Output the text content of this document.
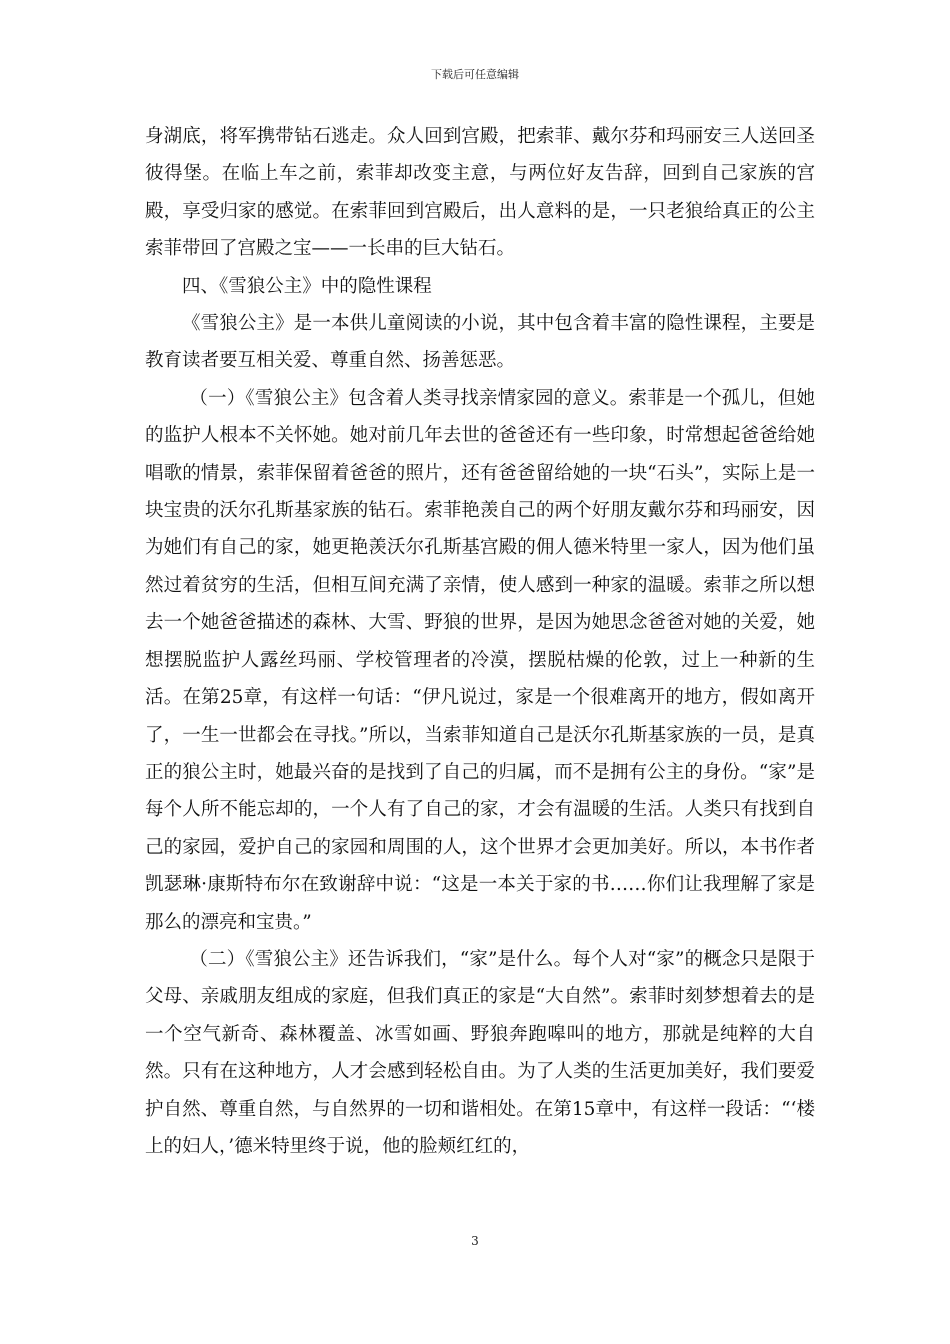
下载后可任意编辑

身湖底，将军携带钻石逃走。众人回到宫殿，把索菲、戴尔芬和玛丽安三人送回圣彼得堡。在临上车之前，索菲却改变主意，与两位好友告辞，回到自己家族的宫殿，享受归家的感觉。在索菲回到宫殿后，出人意料的是，一只老狼给真正的公主索菲带回了宫殿之宝——一长串的巨大钻石。

四、《雪狼公主》中的隐性课程

《雪狼公主》是一本供儿童阅读的小说，其中包含着丰富的隐性课程，主要是教育读者要互相关爱、尊重自然、扬善惩恶。

（一）《雪狼公主》包含着人类寻找亲情家园的意义。索菲是一个孤儿，但她的监护人根本不关怀她。她对前几年去世的爸爸还有一些印象，时常想起爸爸给她唱歌的情景，索菲保留着爸爸的照片，还有爸爸留给她的一块“石头”，实际上是一块宝贵的沃尔孔斯基家族的钻石。索菲艳羡自己的两个好朋友戴尔芬和玛丽安，因为她们有自己的家，她更艳羡沃尔孔斯基宫殿的佣人德米特里一家人，因为他们虽然过着贫穷的生活，但相互间充满了亲情，使人感到一种家的温暖。索菲之所以想去一个她爸爸描述的森林、大雪、野狼的世界，是因为她思念爸爸对她的关爱，她想摆脱监护人露丝玛丽、学校管理者的冷漠，摆脱枯燥的伦敦，过上一种新的生活。在第25章，有这样一句话：“伊凡说过，家是一个很难离开的地方，假如离开了，一生一世都会在寻找。”所以，当索菲知道自己是沃尔孔斯基家族的一员，是真正的狼公主时，她最兴奋的是找到了自己的归属，而不是拥有公主的身份。“家”是每个人所不能忘却的，一个人有了自己的家，才会有温暖的生活。人类只有找到自己的家园，爱护自己的家园和周围的人，这个世界才会更加美好。所以，本书作者凯瑟琳·康斯特布尔在致谢辞中说：“这是一本关于家的书……你们让我理解了家是那么的漂亮和宝贵。”

（二）《雪狼公主》还告诉我们，“家”是什么。每个人对“家”的概念只是限于父母、亲戚朋友组成的家庭，但我们真正的家是“大自然”。索菲时刻梦想着去的是一个空气新奇、森林覆盖、冰雪如画、野狼奔跑嗥叫的地方，那就是纯粹的大自然。只有在这种地方，人才会感到轻松自由。为了人类的生活更加美好，我们要爱护自然、尊重自然，与自然界的一切和谐相处。在第15章中，有这样一段话：“‘楼上的妇人，’德米特里终于说，他的脸颊红红的，

3
